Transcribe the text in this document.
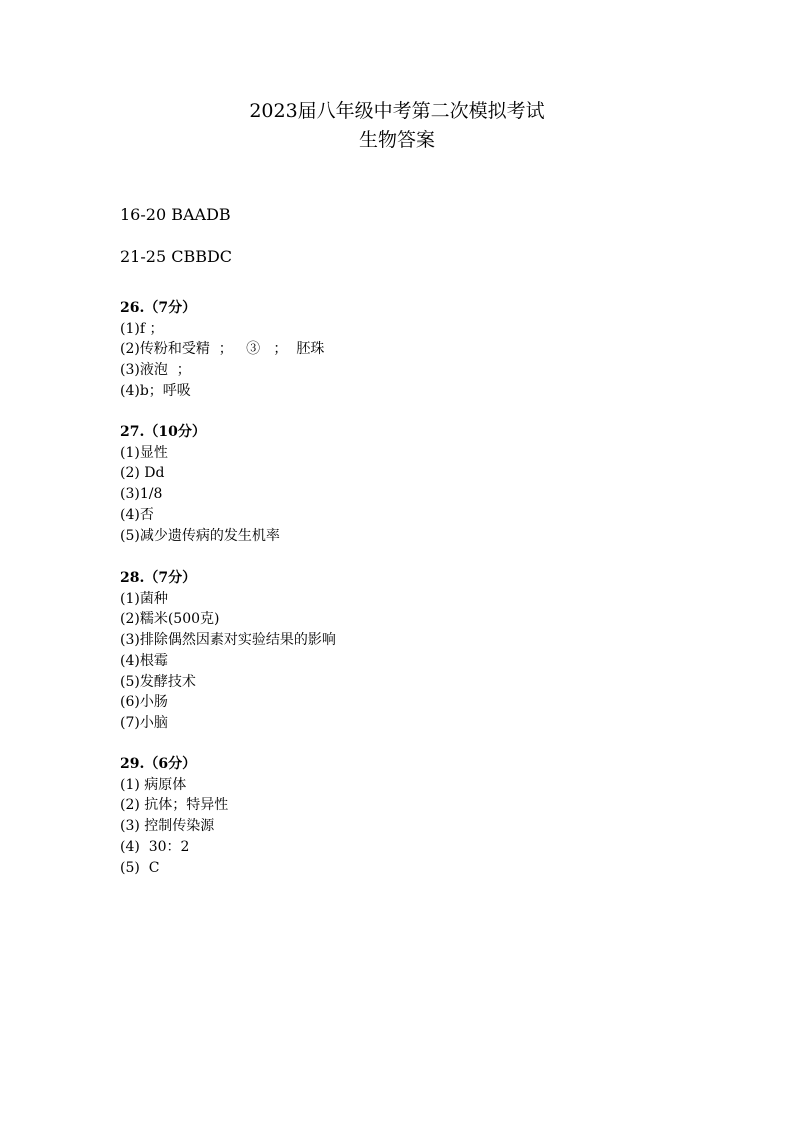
2023届八年级中考第二次模拟考试
生物答案
16-20 BAADB
21-25 CBBDC
26.（7分）
(1)f ；
(2)传粉和受精  ；   ③   ；  胚珠
(3)液泡  ；
(4)b；呼吸
27.（10分）
(1)显性
(2) Dd
(3)1/8
(4)否
(5)减少遗传病的发生机率
28.（7分）
(1)菌种
(2)糯米(500克)
(3)排除偶然因素对实验结果的影响
(4)根霉
(5)发酵技术
(6)小肠
(7)小脑
29.（6分）
(1) 病原体
(2) 抗体；特异性
(3) 控制传染源
(4)  30：2
(5)  C
